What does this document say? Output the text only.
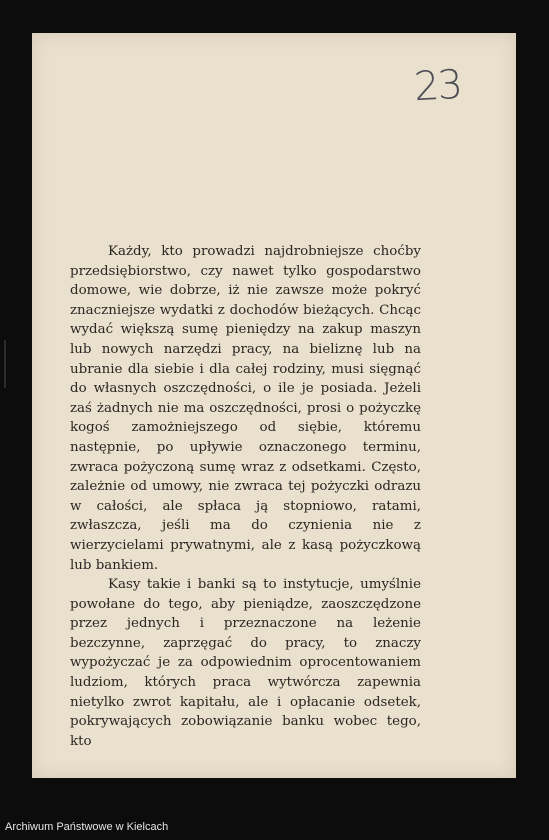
23

Każdy, kto prowadzi najdrobniejsze choćby przedsiębiorstwo, czy nawet tylko gospodarstwo domowe, wie dobrze, iż nie zawsze może pokryć znaczniejsze wydatki z dochodów bieżących. Chcąc wydać większą sumę pieniędzy na zakup maszyn lub nowych narzędzi pracy, na bieliznę lub na ubranie dla siebie i dla całej rodziny, musi sięgnąć do własnych oszczędności, o ile je posiada. Jeżeli zaś żadnych nie ma oszczędności, prosi o pożyczkę kogoś zamożniejszego od siębie, któremu następnie, po upływie oznaczonego terminu, zwraca pożyczoną sumę wraz z odsetkami. Często, zależnie od umowy, nie zwraca tej pożyczki odrazu w całości, ale spłaca ją stopniowo, ratami, zwłaszcza, jeśli ma do czynienia nie z wierzycielami prywatnymi, ale z kasą pożyczkową lub bankiem.

Kasy takie i banki są to instytucje, umyślnie powołane do tego, aby pieniądze, zaoszczędzone przez jednych i przeznaczone na leżenie bezczynne, zaprzęgać do pracy, to znaczy wypożyczać je za odpowiednim oprocentowaniem ludziom, których praca wytwórcza zapewnia nietylko zwrot kapitału, ale i opłacanie odsetek, pokrywających zobowiązanie banku wobec tego, kto

Archiwum Państwowe w Kielcach
